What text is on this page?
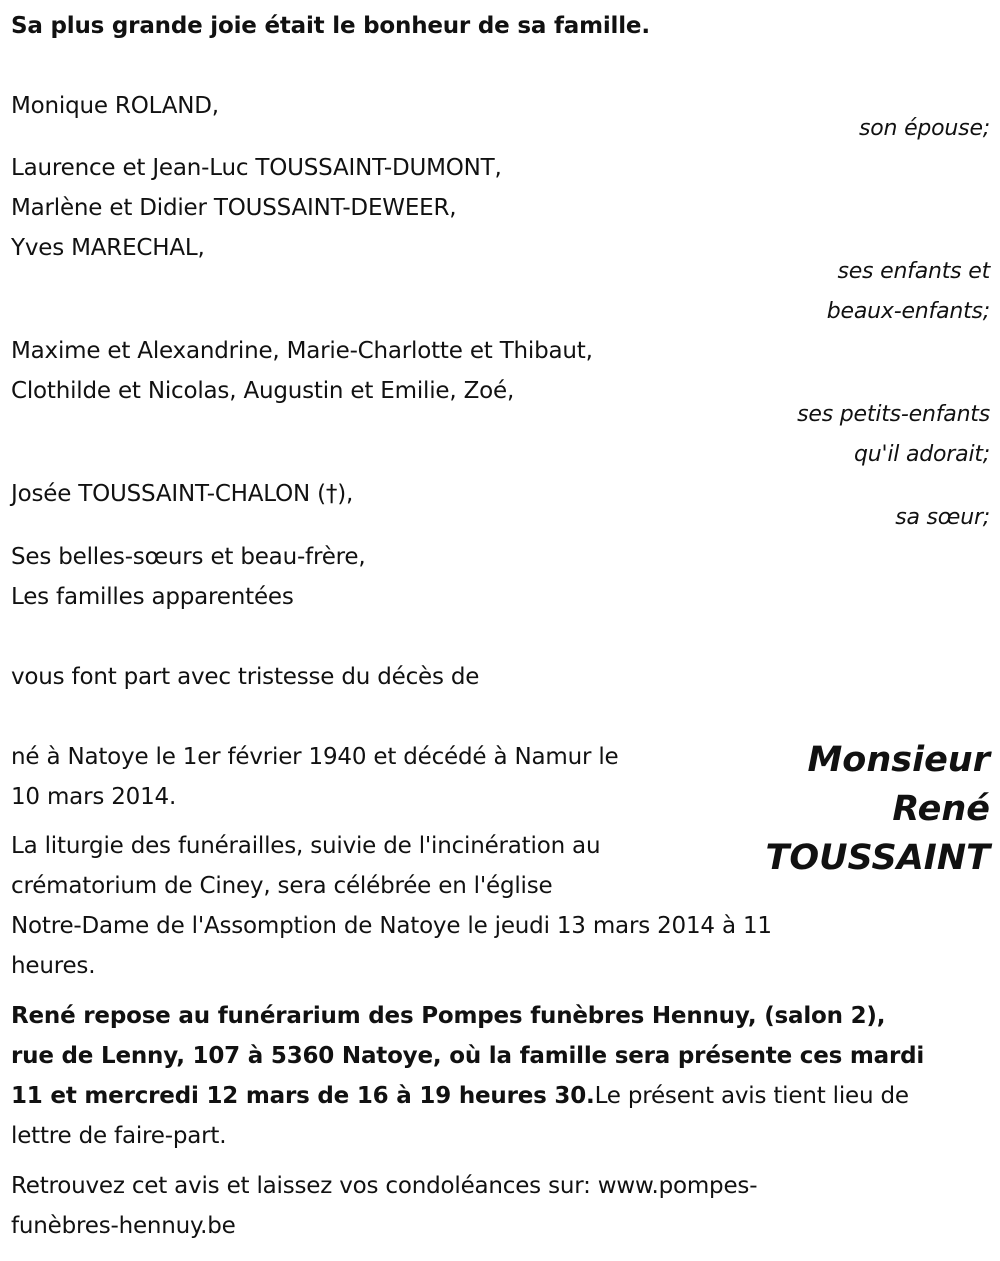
Sa plus grande joie était le bonheur de sa famille.
Monique ROLAND,
son épouse;
Laurence et Jean-Luc TOUSSAINT-DUMONT,
Marlène et Didier TOUSSAINT-DEWEER,
Yves MARECHAL,
ses enfants et
beaux-enfants;
Maxime et Alexandrine, Marie-Charlotte et Thibaut,
Clothilde et Nicolas, Augustin et Emilie, Zoé,
ses petits-enfants
qu'il adorait;
Josée TOUSSAINT-CHALON (†),
sa sœur;
Ses belles-sœurs et beau-frère,
Les familles apparentées
vous font part avec tristesse du décès de
Monsieur
René
TOUSSAINT
né à Natoye le 1er février 1940 et décédé à Namur le
10 mars 2014.
La liturgie des funérailles, suivie de l'incinération au
crématorium de Ciney, sera célébrée en l'église
Notre-Dame de l'Assomption de Natoye le jeudi 13 mars 2014 à 11
heures.
René repose au funérarium des Pompes funèbres Hennuy, (salon 2),
rue de Lenny, 107 à 5360 Natoye, où la famille sera présente ces mardi
11 et mercredi 12 mars de 16 à 19 heures 30.Le présent avis tient lieu de
lettre de faire-part.
Retrouvez cet avis et laissez vos condoléances sur: www.pompes-
funèbres-hennuy.be
